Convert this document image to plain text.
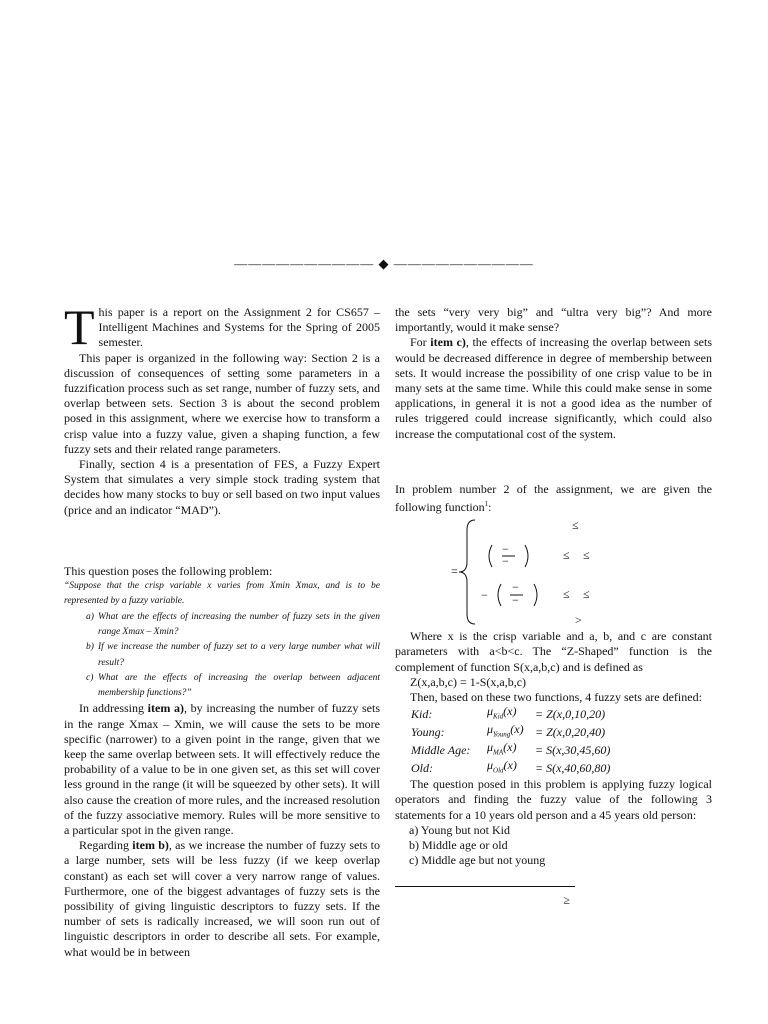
―――――――――― ◆ ――――――――――

This paper is a report on the Assignment 2 for CS657 – Intelligent Machines and Systems for the Spring of 2005 semester.

This paper is organized in the following way: Section 2 is a discussion of consequences of setting some parameters in a fuzzification process such as set range, number of fuzzy sets, and overlap between sets. Section 3 is about the second problem posed in this assignment, where we exercise how to transform a crisp value into a fuzzy value, given a shaping function, a few fuzzy sets and their related range parameters.

Finally, section 4 is a presentation of FES, a Fuzzy Expert System that simulates a very simple stock trading system that decides how many stocks to buy or sell based on two input values (price and an indicator “MAD”).

This question poses the following problem:

“Suppose that the crisp variable x varies from Xmin Xmax, and is to be represented by a fuzzy variable.

a) What are the effects of increasing the number of fuzzy sets in the given range Xmax – Xmin?
b) If we increase the number of fuzzy set to a very large number what will result?
c) What are the effects of increasing the overlap between adjacent membership functions?”

In addressing item a), by increasing the number of fuzzy sets in the range Xmax – Xmin, we will cause the sets to be more specific (narrower) to a given point in the range, given that we keep the same overlap between sets. It will effectively reduce the probability of a value to be in one given set, as this set will cover less ground in the range (it will be squeezed by other sets). It will also cause the creation of more rules, and the increased resolution of the fuzzy associative memory. Rules will be more sensitive to a particular spot in the given range.

Regarding item b), as we increase the number of fuzzy sets to a large number, sets will be less fuzzy (if we keep overlap constant) as each set will cover a very narrow range of values. Furthermore, one of the biggest advantages of fuzzy sets is the possibility of giving linguistic descriptors to fuzzy sets. If the number of sets is radically increased, we will soon run out of linguistic descriptors in order to describe all sets. For example, what would be in between

the sets “very very big” and “ultra very big”? And more importantly, would it make sense?

For item c), the effects of increasing the overlap between sets would be decreased difference in degree of membership between sets. It would increase the possibility of one crisp value to be in many sets at the same time. While this could make sense in some applications, in general it is not a good idea as the number of rules triggered could increase significantly, which could also increase the computational cost of the system.

In problem number 2 of the assignment, we are given the following function$^1$:

=
≤
−
−	≤ ≤
−
−
−	≤ ≤
>

Where x is the crisp variable and a, b, and c are constant parameters with a<b<c. The “Z-Shaped” function is the complement of function S(x,a,b,c) and is defined as

Z(x,a,b,c) = 1-S(x,a,b,c)

Then, based on these two functions, 4 fuzzy sets are defined:

Kid:	$\mu_{Kid}(x)$	= Z(x,0,10,20)
Young:	$\mu_{Young}(x) = Z(x,0,20,40)$
Middle Age:	$\mu_{MA}(x)$	= S(x,30,45,60)
Old:	$\mu_{Old}(x)$	= S(x,40,60,80)

The question posed in this problem is applying fuzzy logical operators and finding the fuzzy value of the following 3 statements for a 10 years old person and a 45 years old person:

a) Young but not Kid

b) Middle age or old

c) Middle age but not young

≥
